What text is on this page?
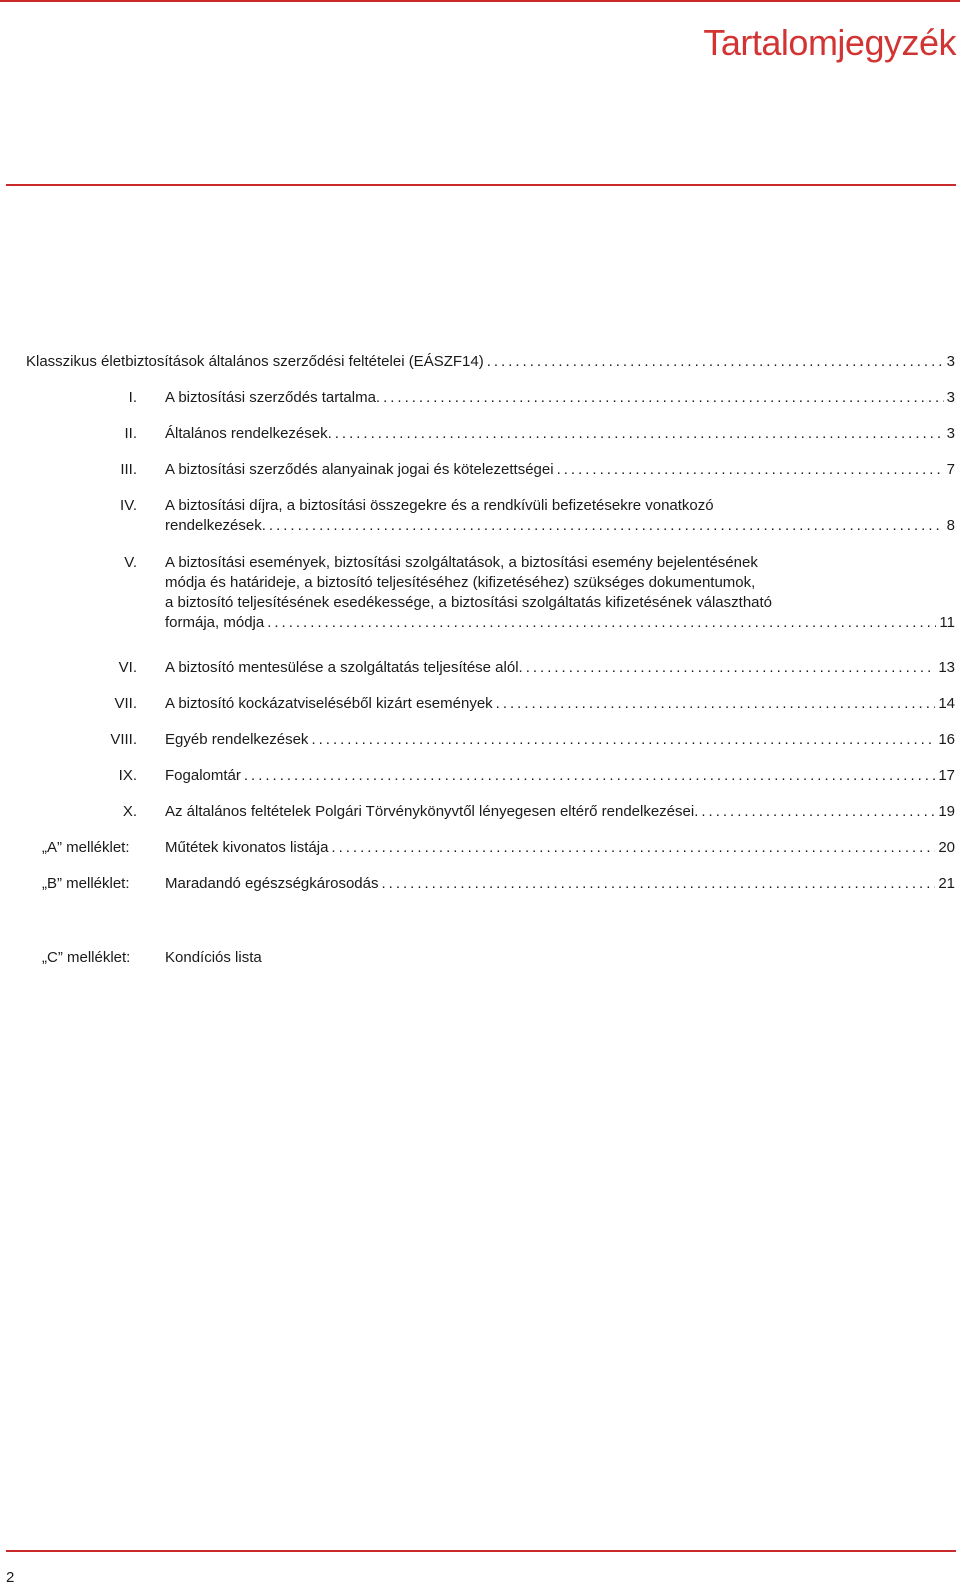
Tartalomjegyzék
Klasszikus életbiztosítások általános szerződési feltételei (EÁSZF14) .....	3
I. A biztosítási szerződés tartalma. .....	3
II. Általános rendelkezések. .....	3
III. A biztosítási szerződés alanyainak jogai és kötelezettségei .....	7
IV. A biztosítási díjra, a biztosítási összegekre és a rendkívüli befizetésekre vonatkozó
rendelkezések. .....	8
V. A biztosítási események, biztosítási szolgáltatások, a biztosítási esemény bejelentésének
módja és határideje, a biztosító teljesítéséhez (kifizetéséhez) szükséges dokumentumok,
a biztosító teljesítésének esedékessége, a biztosítási szolgáltatás kifizetésének választható
formája, módja .....	11
VI. A biztosító mentesülése a szolgáltatás teljesítése alól. .....	13
VII. A biztosító kockázatviseléséből kizárt események .....	14
VIII. Egyéb rendelkezések .....	16
IX. Fogalomtár .....	17
X. Az általános feltételek Polgári Törvénykönyvtől lényegesen eltérő rendelkezései. .....	19
„A” melléklet: Műtétek kivonatos listája .....	20
„B” melléklet: Maradandó egészségkárosodás .....	21
„C” melléklet: Kondíciós lista
2
